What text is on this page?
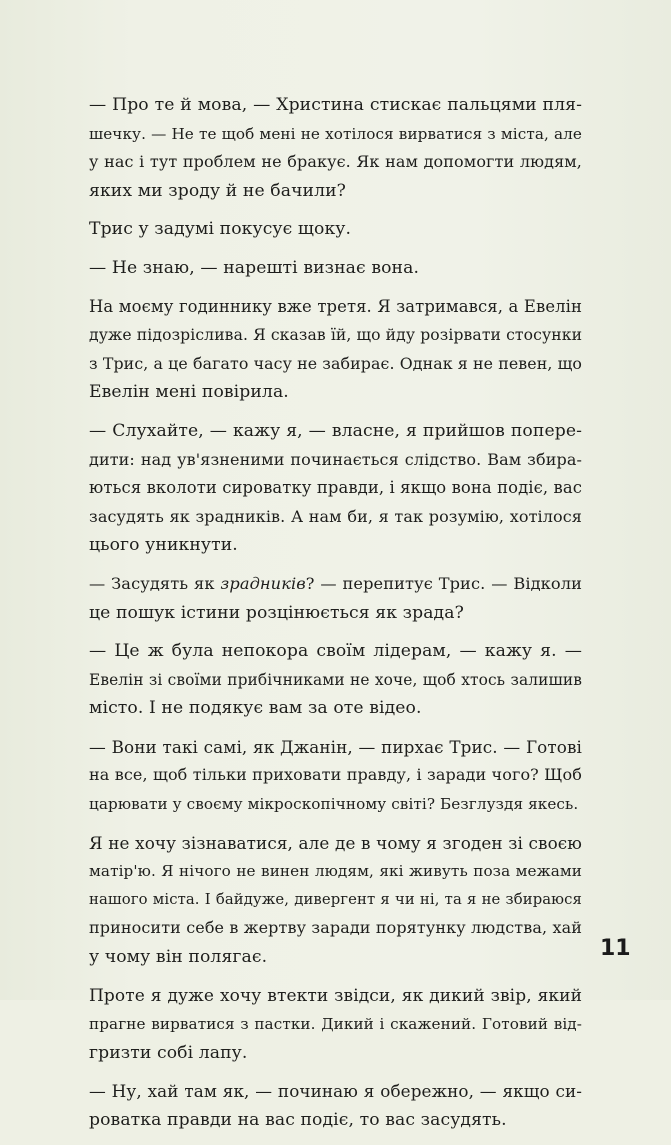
— Про те й мова, — Христина стискає пальцями пля-
шечку. — Не те щоб мені не хотілося вирватися з міста, але
у нас і тут проблем не бракує. Як нам допомогти людям,
яких ми зроду й не бачили?

Трис у задумі покусує щоку.

— Не знаю, — нарешті визнає вона.

На моєму годиннику вже третя. Я затримався, а Евелін
дуже підозріслива. Я сказав їй, що йду розірвати стосунки
з Трис, а це багато часу не забирає. Однак я не певен, що
Евелін мені повірила.

— Слухайте, — кажу я, — власне, я прийшов попере-
дити: над ув'язненими починається слідство. Вам збира-
ються вколоти сироватку правди, і якщо вона подіє, вас
засудять як зрадників. А нам би, я так розумію, хотілося
цього уникнути.

— Засудять як зрадників? — перепитує Трис. — Відколи
це пошук істини розцінюється як зрада?

— Це ж була непокора своїм лідерам, — кажу я. —
Евелін зі своїми прибічниками не хоче, щоб хтось залишив
місто. І не подякує вам за оте відео.

— Вони такі самі, як Джанін, — пирхає Трис. — Готові
на все, щоб тільки приховати правду, і заради чого? Щоб
царювати у своєму мікроскопічному світі? Безглуздя якесь.

Я не хочу зізнаватися, але де в чому я згоден зі своєю
матір'ю. Я нічого не винен людям, які живуть поза межами
нашого міста. І байдуже, дивергент я чи ні, та я не збираюся
приносити себе в жертву заради порятунку людства, хай
у чому він полягає.

Проте я дуже хочу втекти звідси, як дикий звір, який
прагне вирватися з пастки. Дикий і скажений. Готовий від-
гризти собі лапу.

— Ну, хай там як, — починаю я обережно, — якщо си-
роватка правди на вас подіє, то вас засудять.

11
